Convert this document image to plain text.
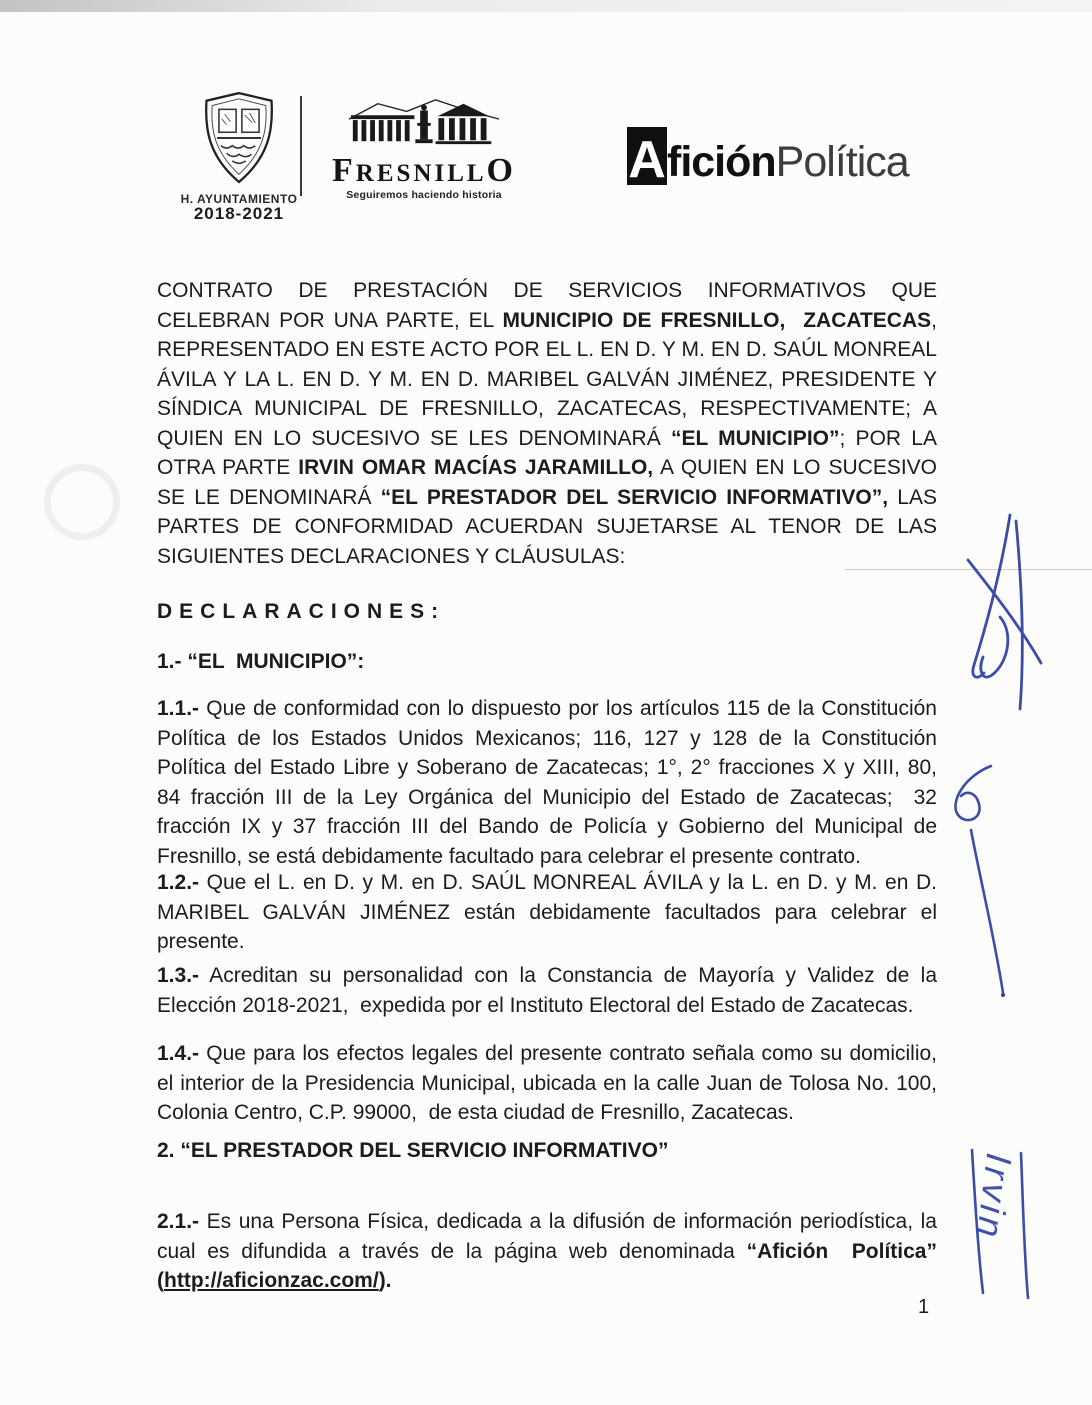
H. AYUNTAMIENTO
2018-2021
FRESNILLO
Seguiremos haciendo historia
A fición Política
CONTRATO DE PRESTACIÓN DE SERVICIOS INFORMATIVOS QUE CELEBRAN POR UNA PARTE, EL MUNICIPIO DE FRESNILLO,  ZACATECAS, REPRESENTADO EN ESTE ACTO POR EL L. EN D. Y M. EN D. SAÚL MONREAL ÁVILA Y LA L. EN D. Y M. EN D. MARIBEL GALVÁN JIMÉNEZ, PRESIDENTE Y SÍNDICA MUNICIPAL DE FRESNILLO, ZACATECAS, RESPECTIVAMENTE; A QUIEN EN LO SUCESIVO SE LES DENOMINARÁ “EL MUNICIPIO”; POR LA OTRA PARTE IRVIN OMAR MACÍAS JARAMILLO, A QUIEN EN LO SUCESIVO SE LE DENOMINARÁ “EL PRESTADOR DEL SERVICIO INFORMATIVO”, LAS PARTES DE CONFORMIDAD ACUERDAN SUJETARSE AL TENOR DE LAS SIGUIENTES DECLARACIONES Y CLÁUSULAS:
DECLARACIONES:
1.- “EL  MUNICIPIO”:
1.1.- Que de conformidad con lo dispuesto por los artículos 115 de la Constitución Política de los Estados Unidos Mexicanos; 116, 127 y 128 de la Constitución Política del Estado Libre y Soberano de Zacatecas; 1°, 2° fracciones X y XIII, 80, 84 fracción III de la Ley Orgánica del Municipio del Estado de Zacatecas;  32 fracción IX y 37 fracción III del Bando de Policía y Gobierno del Municipal de Fresnillo, se está debidamente facultado para celebrar el presente contrato.
1.2.- Que el L. en D. y M. en D. SAÚL MONREAL ÁVILA y la L. en D. y M. en D. MARIBEL GALVÁN JIMÉNEZ están debidamente facultados para celebrar el presente.
1.3.- Acreditan su personalidad con la Constancia de Mayoría y Validez de la Elección 2018-2021,  expedida por el Instituto Electoral del Estado de Zacatecas.
1.4.- Que para los efectos legales del presente contrato señala como su domicilio, el interior de la Presidencia Municipal, ubicada en la calle Juan de Tolosa No. 100, Colonia Centro, C.P. 99000,  de esta ciudad de Fresnillo, Zacatecas.
2. “EL PRESTADOR DEL SERVICIO INFORMATIVO”
2.1.- Es una Persona Física, dedicada a la difusión de información periodística, la cual es difundida a través de la página web denominada “Afición  Política” (http://aficionzac.com/).
1
Irvin
